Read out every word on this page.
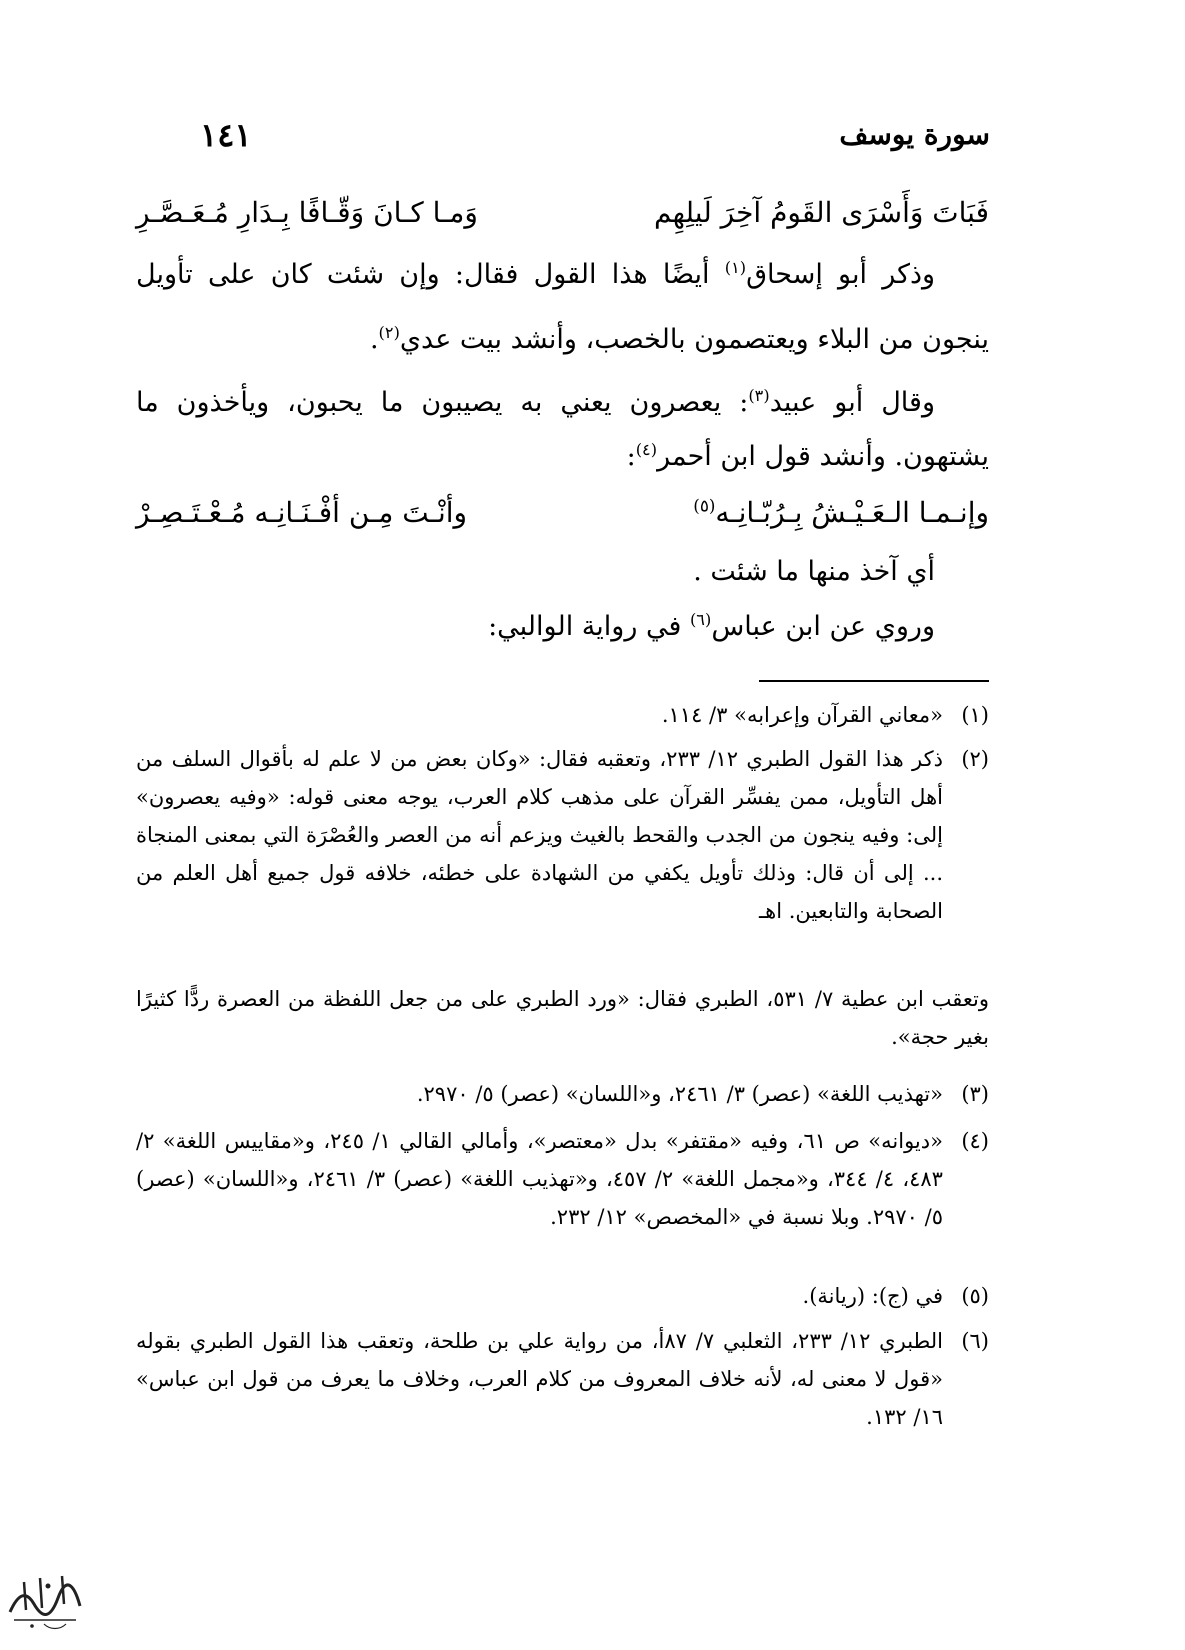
سورة يوسف
١٤١
فَبَاتَ وَأَسْرَى القَومُ آخِرَ لَيلِهِم
وَمـا كـانَ وَقّـافًا بِـدَارِ مُـعَـصَّـرِ
وذكر أبو إسحاق$^{(١)}$ أيضًا هذا القول فقال: وإن شئت كان على تأويل
ينجون من البلاء ويعتصمون بالخصب، وأنشد بيت عدي$^{(٢)}$.
وقال أبو عبيد$^{(٣)}$: يعصرون يعني به يصيبون ما يحبون، ويأخذون ما
يشتهون. وأنشد قول ابن أحمر$^{(٤)}$:
وإنـمـا الـعَـيْـشُ بِـرُبّـانِـه$^{(٥)}$
وأنْـتَ مِـن أفْـنَـانِـه مُـعْـتَـصِـرْ
أي آخذ منها ما شئت .
وروي عن ابن عباس$^{(٦)}$ في رواية الوالبي:
(١)
«معاني القرآن وإعرابه» ٣/ ١١٤.
(٢)
ذكر هذا القول الطبري ١٢/ ٢٣٣، وتعقبه فقال: «وكان بعض من لا علم له بأقوال السلف من أهل التأويل، ممن يفسِّر القرآن على مذهب كلام العرب، يوجه معنى قوله: «وفيه يعصرون» إلى: وفيه ينجون من الجدب والقحط بالغيث ويزعم أنه من العصر والعُصْرَة التي بمعنى المنجاة ... إلى أن قال: وذلك تأويل يكفي من الشهادة على خطئه، خلافه قول جميع أهل العلم من الصحابة والتابعين. اهـ
وتعقب ابن عطية ٧/ ٥٣١، الطبري فقال: «ورد الطبري على من جعل اللفظة من العصرة ردًّا كثيرًا بغير حجة».
(٣)
«تهذيب اللغة» (عصر) ٣/ ٢٤٦١، و«اللسان» (عصر) ٥/ ٢٩٧٠.
(٤)
«ديوانه» ص ٦١، وفيه «مقتفر» بدل «معتصر»، وأمالي القالي ١/ ٢٤٥، و«مقاييس اللغة» ٢/ ٤٨٣، ٤/ ٣٤٤، و«مجمل اللغة» ٢/ ٤٥٧، و«تهذيب اللغة» (عصر) ٣/ ٢٤٦١، و«اللسان» (عصر) ٥/ ٢٩٧٠. وبلا نسبة في «المخصص» ١٢/ ٢٣٢.
(٥)
في (ج): (ريانة).
(٦)
الطبري ١٢/ ٢٣٣، الثعلبي ٧/ ٨٧أ، من رواية علي بن طلحة، وتعقب هذا القول الطبري بقوله «قول لا معنى له، لأنه خلاف المعروف من كلام العرب، وخلاف ما يعرف من قول ابن عباس» ١٦/ ١٣٢.
